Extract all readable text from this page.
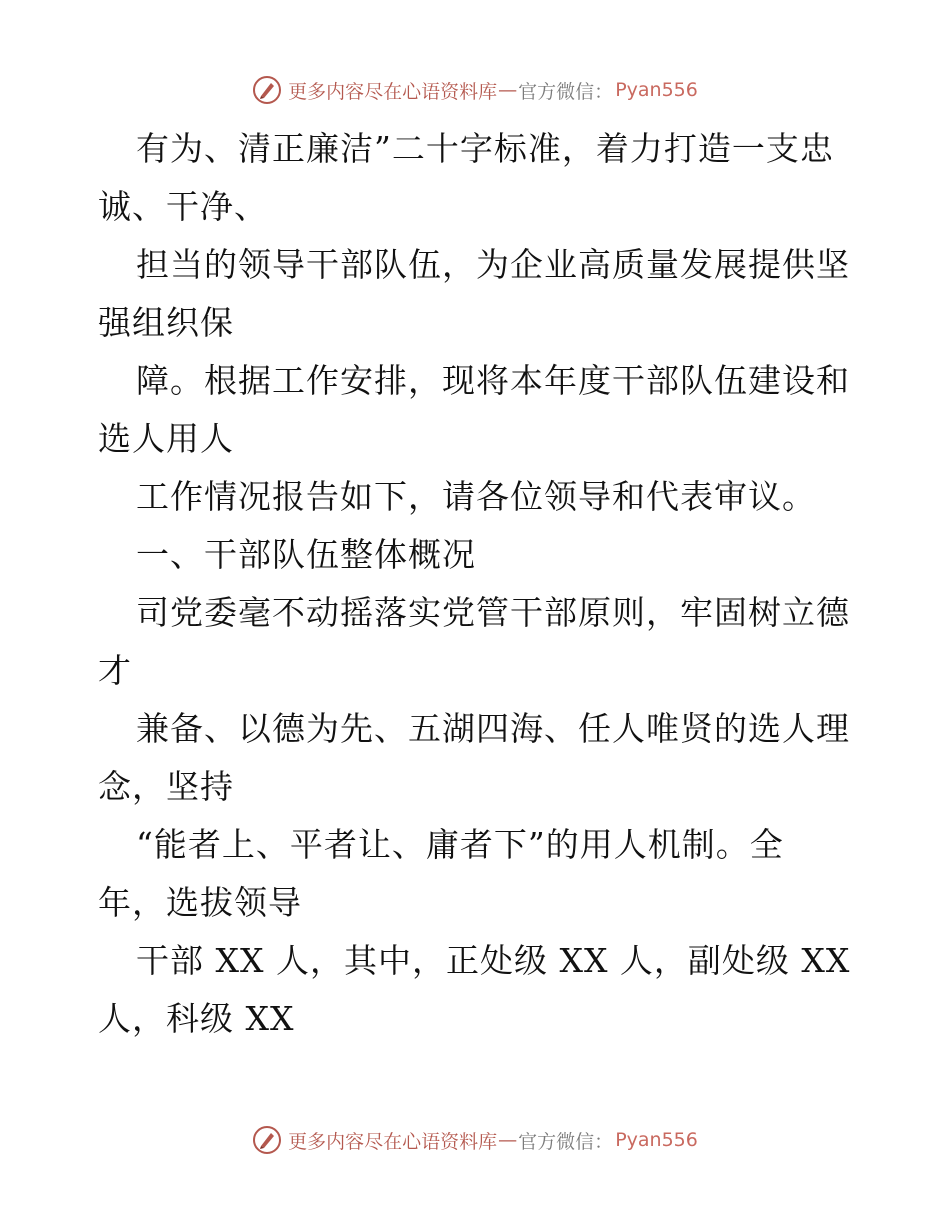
更多内容尽在心语资料库 — 官方微信： Pyan556
有为、清正廉洁”二十字标准，着力打造一支忠
诚、干净、
担当的领导干部队伍，为企业高质量发展提供坚
强组织保
障。根据工作安排，现将本年度干部队伍建设和
选人用人
工作情况报告如下，请各位领导和代表审议。
一、干部队伍整体概况
司党委毫不动摇落实党管干部原则，牢固树立德
才
兼备、以德为先、五湖四海、任人唯贤的选人理
念，坚持
“能者上、平者让、庸者下”的用人机制。全
年，选拔领导
干部 XX 人，其中，正处级 XX 人，副处级 XX
人，科级 XX
更多内容尽在心语资料库 — 官方微信： Pyan556
